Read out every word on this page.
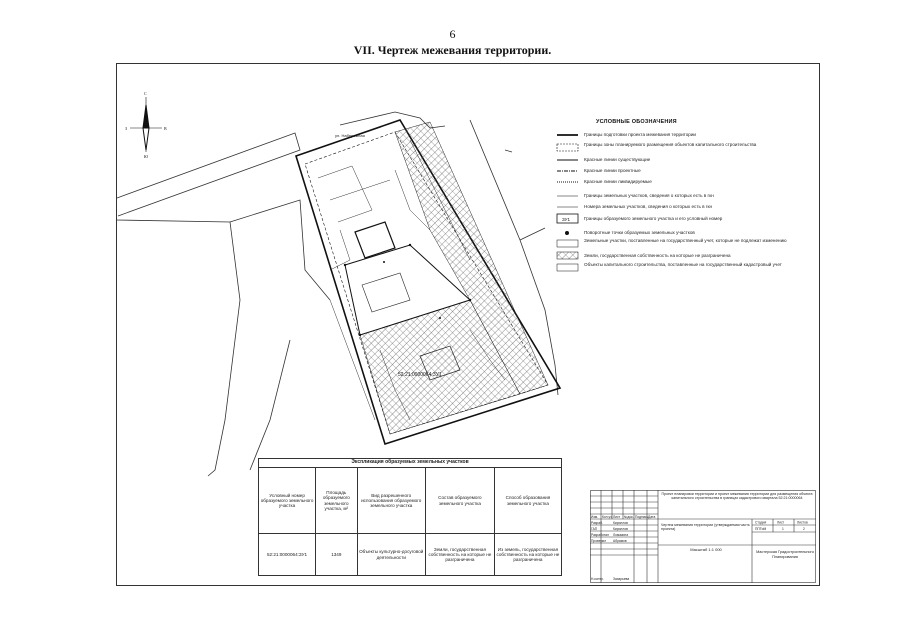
6
VII. Чертеж межевания территории.
ул. Набережная
52:21:0000064:ЗУ1
С
Ю
З	В
ЗУ1
УСЛОВНЫЕ ОБОЗНАЧЕНИЯ
Границы подготовки проекта межевания территории
Границы зоны планируемого размещения объектов капитального строительства
Красные линии существующие
Красные линии проектные
Красные линии ликвидируемые
Границы земельных участков, сведения о которых есть в гкн
Номера земельных участков, сведения о которых есть в гкн
Границы образуемого земельного участка и его условный номер
Поворотные точки образуемых земельных участков
Земельные участки, поставленные на государственный учет, которые не подлежат изменению
Земли, государственная собственность на которые не разграничена
Объекты капитального строительства, поставленные на государственный кадастровый учет
Экспликация образуемых земельных участков				
Условный номер образуемого земельного участка	Площадь образуемого земельного участка, м²	Вид разрешенного использования образуемого земельного участка	Состав образуемого земельного участка	Способ образования земельного участка
52:21:0000064:ЗУ1	1349	Объекты культурно-досуговой деятельности	Земли, государственная собственность на которые не разграничена	Из земель, государственная собственность на которые не разграничена
Изм. Кол.уч. Лист №док. Подпись Дата
Разраб.	Кириллов
ГАП	Кириллов
Разработал Ломакина
Проверил Абрамов
Н.контр.	Захарьева
Стадия	Лист	Листов
ППТиМ	1	2
Проект планировки территории и проект межевания территории для размещения объекта капитального строительства в границах кадастрового квартала 52:21:0000064
Чертеж межевания территории (утверждаемая часть проекта)
Масштаб 1:1 000	Мастерская Градостроительного Планирования
